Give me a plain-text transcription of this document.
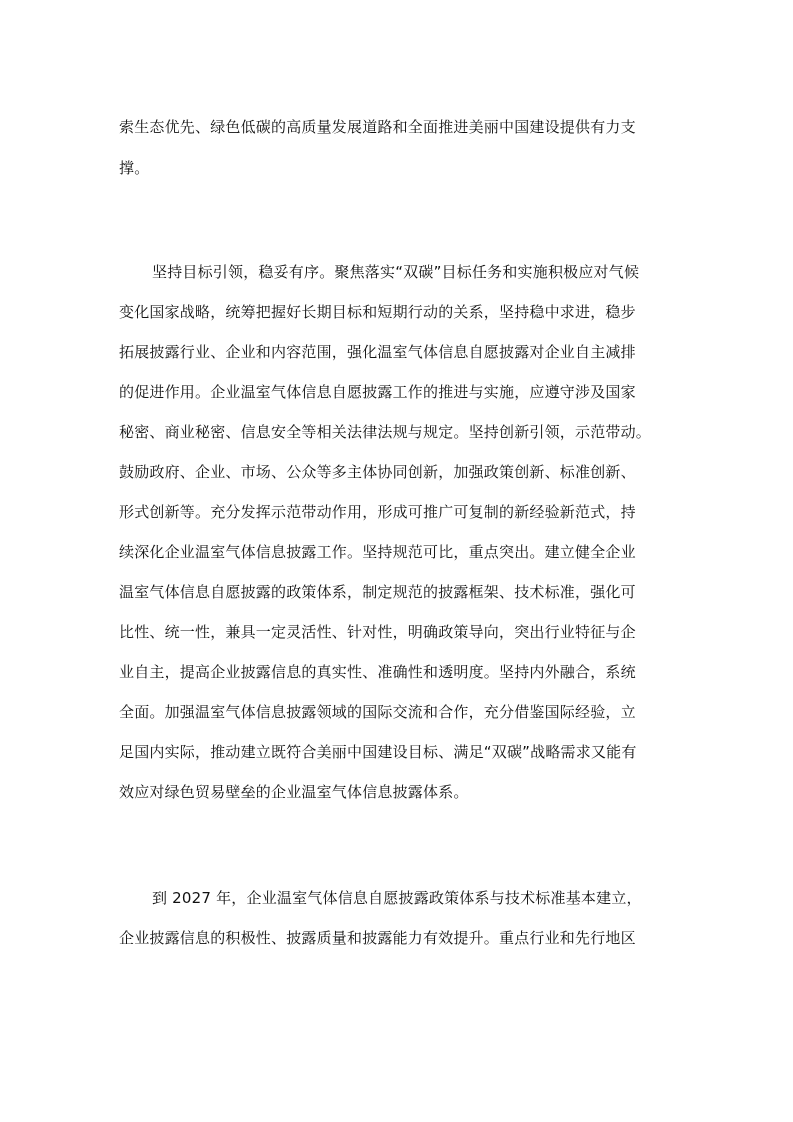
索生态优先、绿色低碳的高质量发展道路和全面推进美丽中国建设提供有力支
撑。
坚持目标引领，稳妥有序。聚焦落实“双碳”目标任务和实施积极应对气候
变化国家战略，统筹把握好长期目标和短期行动的关系，坚持稳中求进，稳步
拓展披露行业、企业和内容范围，强化温室气体信息自愿披露对企业自主减排
的促进作用。企业温室气体信息自愿披露工作的推进与实施，应遵守涉及国家
秘密、商业秘密、信息安全等相关法律法规与规定。坚持创新引领，示范带动。
鼓励政府、企业、市场、公众等多主体协同创新，加强政策创新、标准创新、
形式创新等。充分发挥示范带动作用，形成可推广可复制的新经验新范式，持
续深化企业温室气体信息披露工作。坚持规范可比，重点突出。建立健全企业
温室气体信息自愿披露的政策体系，制定规范的披露框架、技术标准，强化可
比性、统一性，兼具一定灵活性、针对性，明确政策导向，突出行业特征与企
业自主，提高企业披露信息的真实性、准确性和透明度。坚持内外融合，系统
全面。加强温室气体信息披露领域的国际交流和合作，充分借鉴国际经验，立
足国内实际，推动建立既符合美丽中国建设目标、满足“双碳”战略需求又能有
效应对绿色贸易壁垒的企业温室气体信息披露体系。
到 2027 年，企业温室气体信息自愿披露政策体系与技术标准基本建立，
企业披露信息的积极性、披露质量和披露能力有效提升。重点行业和先行地区
